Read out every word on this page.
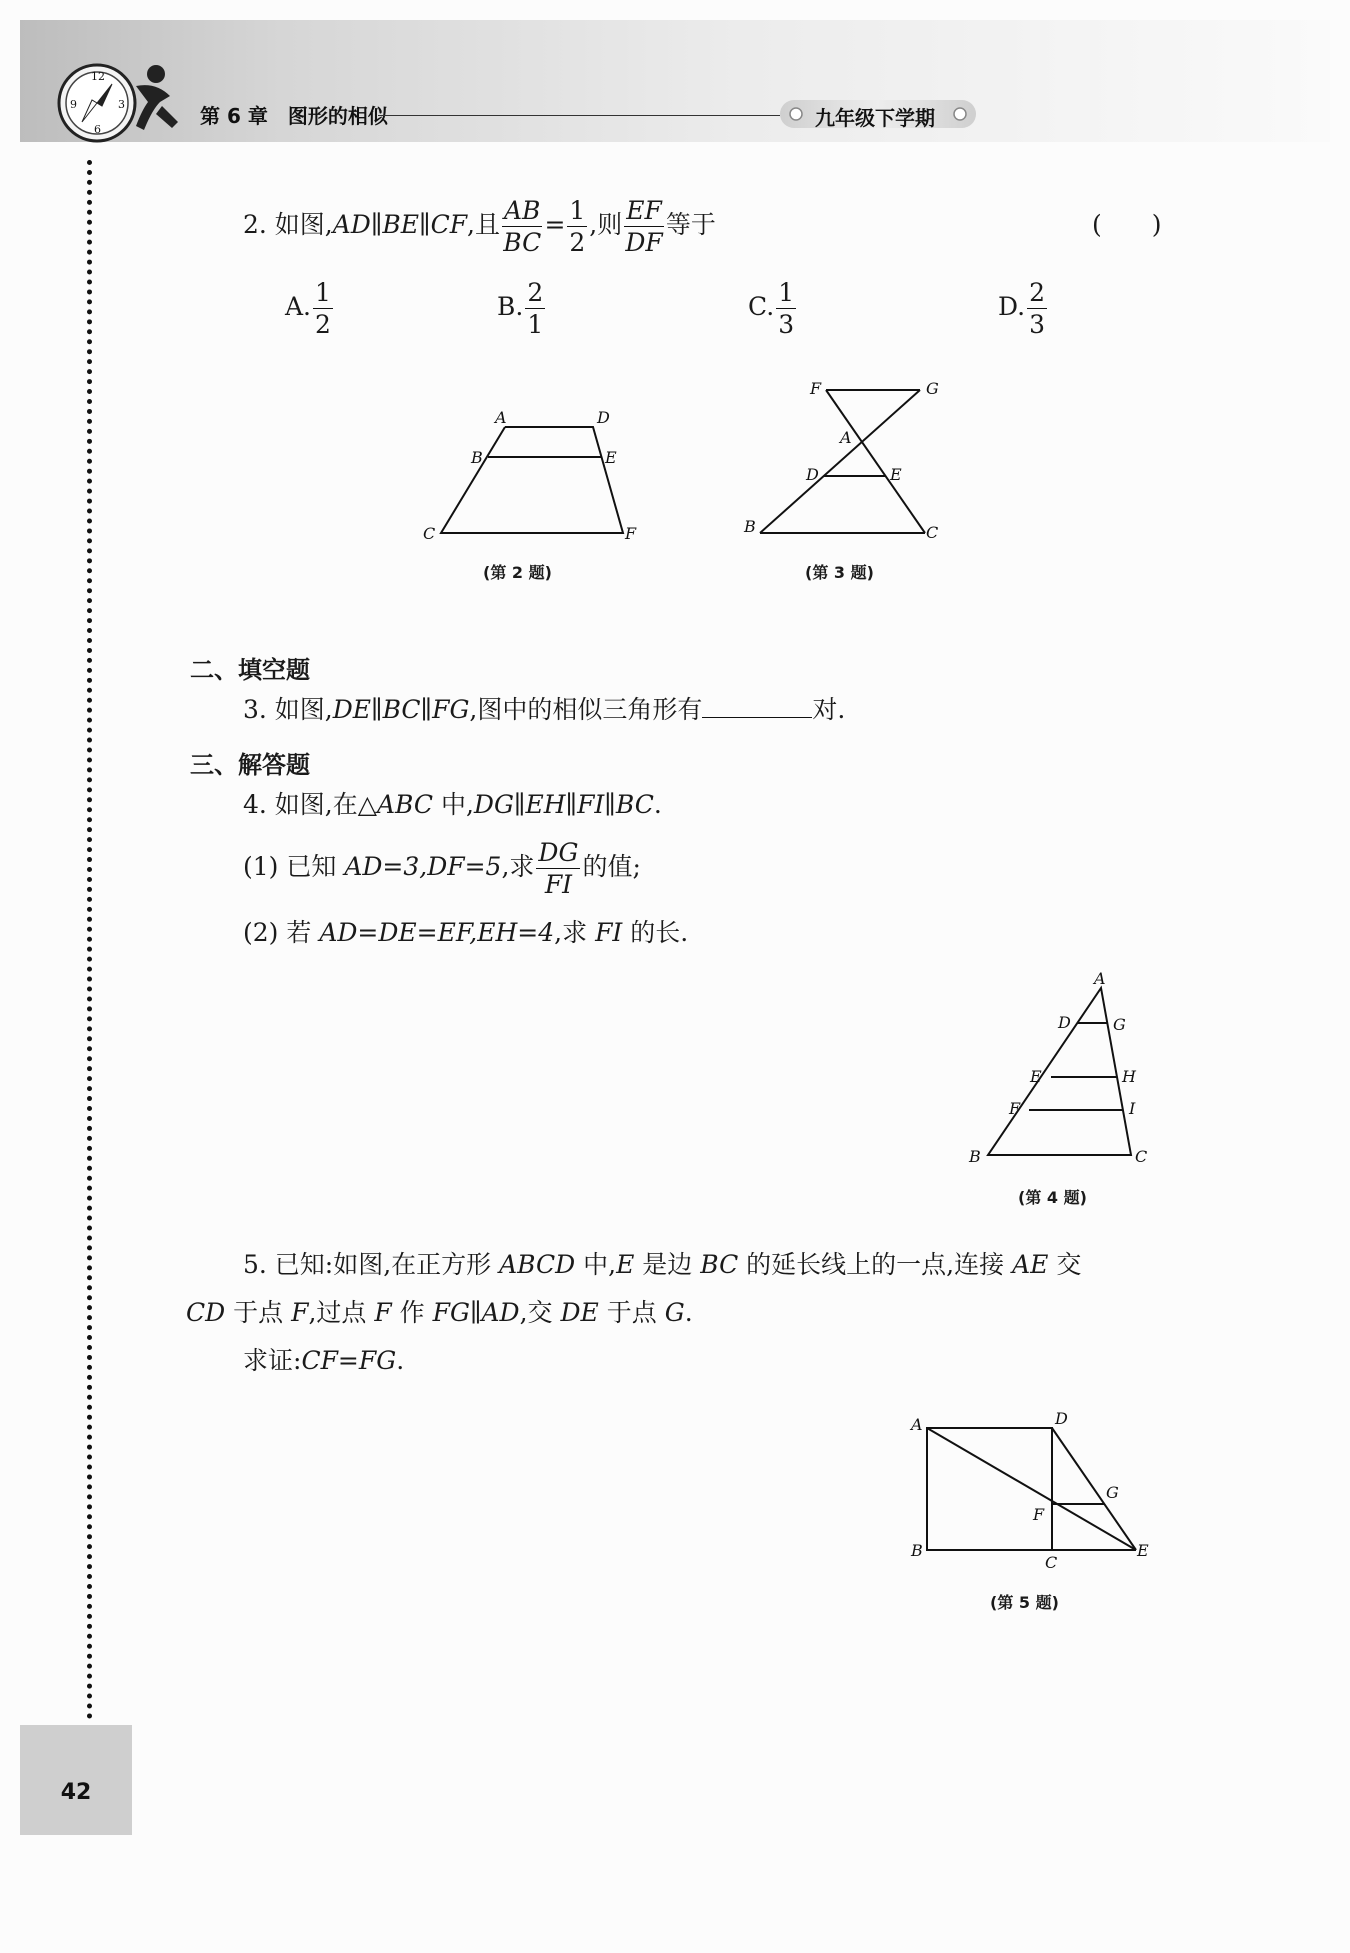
12
3
6
9	第 6 章　图形的相似	九年级下学期
42
2. 如图,AD∥BE∥CF,且 $\frac{AB}{BC} = \frac{1}{2}$ ,则 $\frac{EF}{DF}$ 等于	(　　)
A. $\frac{1}{2}$	B. $\frac{2}{1}$	C. $\frac{1}{3}$	D. $\frac{2}{3}$
A	D
B	E
C	F
(第 2 题)
F	G
A
D	E
B	C
(第 3 题)
二、填空题
3. 如图,DE∥BC∥FG,图中的相似三角形有	对.
三、解答题
4. 如图,在△ABC 中,DG∥EH∥FI∥BC.
(1) 已知 AD=3,DF=5,求 $\frac{DG}{FI}$ 的值;
(2) 若 AD=DE=EF,EH=4,求 FI 的长.
A
D	G
E	H
F	I
B	C
(第 4 题)
5. 已知:如图,在正方形 ABCD 中,E 是边 BC 的延长线上的一点,连接 AE 交
CD 于点 F,过点 F 作 FG∥AD,交 DE 于点 G.
求证:CF=FG.
A	D
G
F
B
C
E
(第 5 题)
